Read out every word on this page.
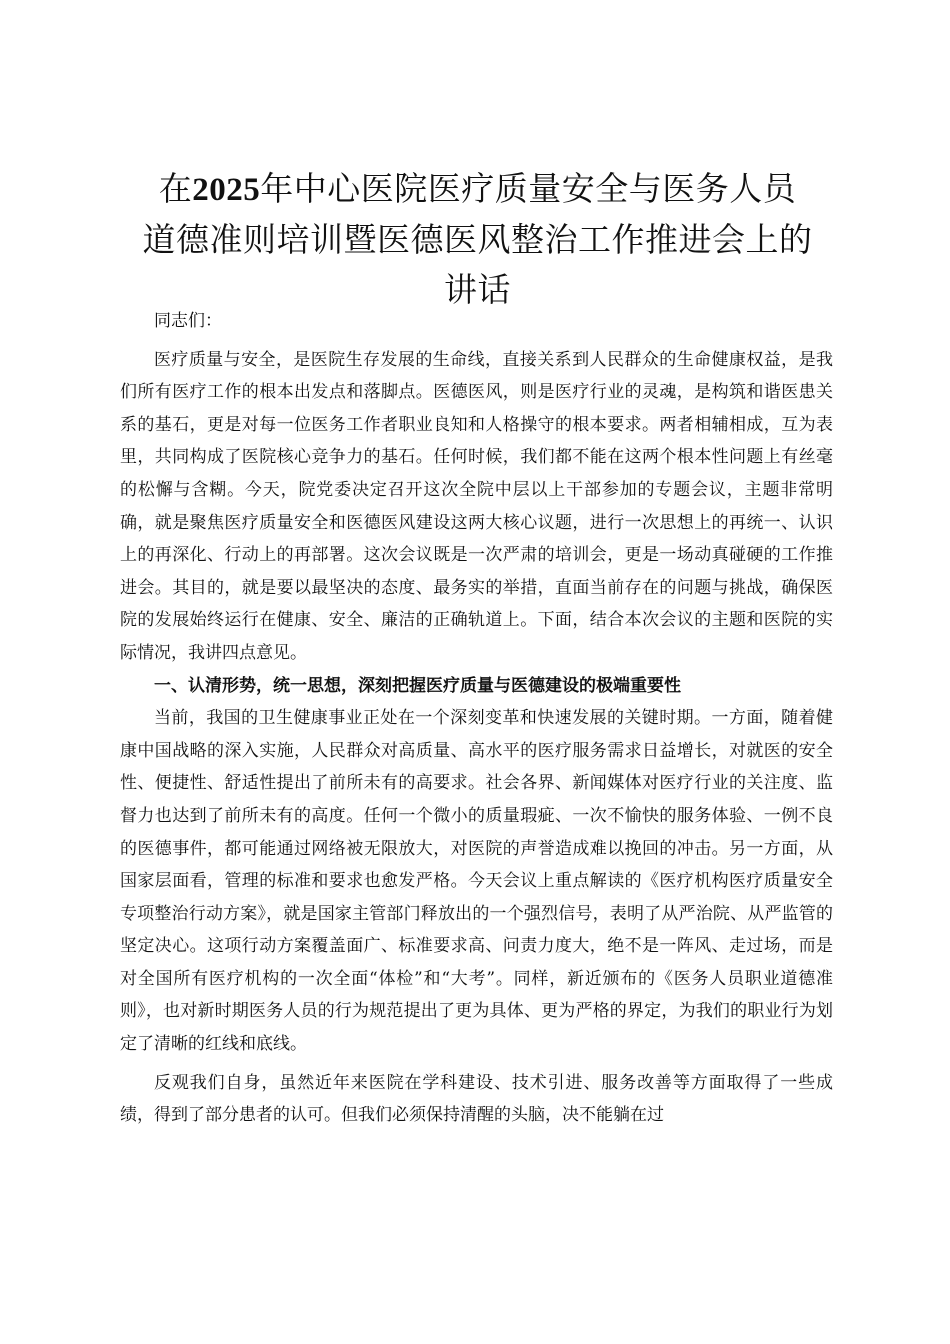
在2025年中心医院医疗质量安全与医务人员
道德准则培训暨医德医风整治工作推进会上的
讲话

同志们：

医疗质量与安全，是医院生存发展的生命线，直接关系到人民群众的生命健康权益，是我们所有医疗工作的根本出发点和落脚点。医德医风，则是医疗行业的灵魂，是构筑和谐医患关系的基石，更是对每一位医务工作者职业良知和人格操守的根本要求。两者相辅相成，互为表里，共同构成了医院核心竞争力的基石。任何时候，我们都不能在这两个根本性问题上有丝毫的松懈与含糊。今天，院党委决定召开这次全院中层以上干部参加的专题会议，主题非常明确，就是聚焦医疗质量安全和医德医风建设这两大核心议题，进行一次思想上的再统一、认识上的再深化、行动上的再部署。这次会议既是一次严肃的培训会，更是一场动真碰硬的工作推进会。其目的，就是要以最坚决的态度、最务实的举措，直面当前存在的问题与挑战，确保医院的发展始终运行在健康、安全、廉洁的正确轨道上。下面，结合本次会议的主题和医院的实际情况，我讲四点意见。

一、认清形势，统一思想，深刻把握医疗质量与医德建设的极端重要性

当前，我国的卫生健康事业正处在一个深刻变革和快速发展的关键时期。一方面，随着健康中国战略的深入实施，人民群众对高质量、高水平的医疗服务需求日益增长，对就医的安全性、便捷性、舒适性提出了前所未有的高要求。社会各界、新闻媒体对医疗行业的关注度、监督力也达到了前所未有的高度。任何一个微小的质量瑕疵、一次不愉快的服务体验、一例不良的医德事件，都可能通过网络被无限放大，对医院的声誉造成难以挽回的冲击。另一方面，从国家层面看，管理的标准和要求也愈发严格。今天会议上重点解读的《医疗机构医疗质量安全专项整治行动方案》，就是国家主管部门释放出的一个强烈信号，表明了从严治院、从严监管的坚定决心。这项行动方案覆盖面广、标准要求高、问责力度大，绝不是一阵风、走过场，而是对全国所有医疗机构的一次全面“体检”和“大考”。同样，新近颁布的《医务人员职业道德准则》，也对新时期医务人员的行为规范提出了更为具体、更为严格的界定，为我们的职业行为划定了清晰的红线和底线。

反观我们自身，虽然近年来医院在学科建设、技术引进、服务改善等方面取得了一些成绩，得到了部分患者的认可。但我们必须保持清醒的头脑，决不能躺在过
